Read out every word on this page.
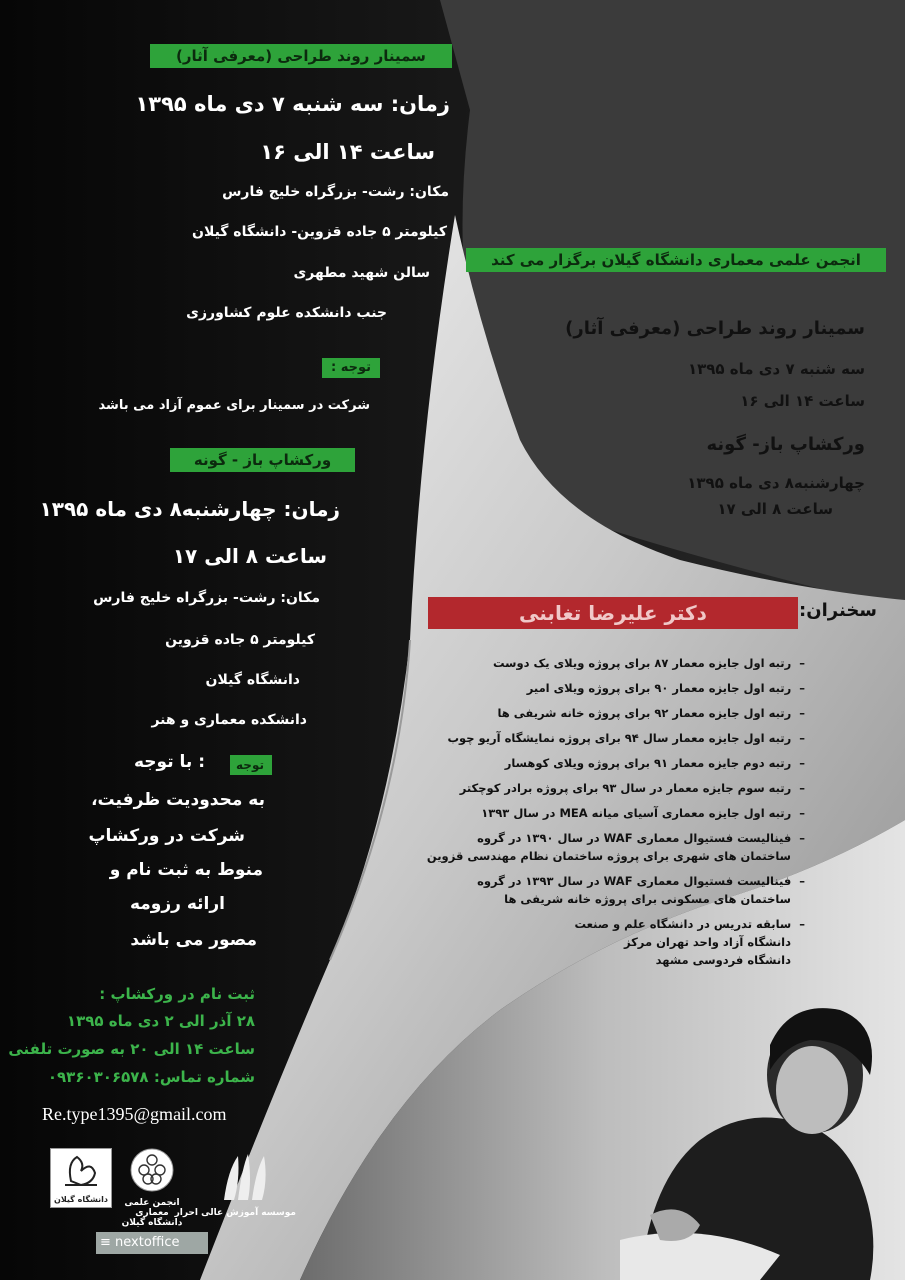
سمینار روند طراحی (معرفی آثار)
زمان: سه شنبه ۷ دی ماه ۱۳۹۵
ساعت ۱۴ الی ۱۶
مکان: رشت- بزرگراه خلیج فارس
کیلومتر ۵ جاده قزوین- دانشگاه گیلان
سالن شهید مطهری
جنب دانشکده علوم کشاورزی
توجه :
شرکت در سمینار برای عموم آزاد می باشد
ورکشاپ باز - گونه
زمان: چهارشنبه۸ دی ماه ۱۳۹۵
ساعت ۸ الی ۱۷
مکان: رشت- بزرگراه خلیج فارس
کیلومتر ۵ جاده قزوین
دانشگاه گیلان
دانشکده معماری و هنر
توجه
: با توجه
به محدودیت ظرفیت،
شرکت در ورکشاپ
منوط به ثبت نام و
ارائه رزومه
مصور می باشد
ثبت نام در ورکشاپ :
۲۸ آذر الی ۲ دی ماه ۱۳۹۵
ساعت ۱۴ الی ۲۰ به صورت تلفنی
شماره تماس: ۰۹۳۶۰۳۰۶۵۷۸
Re.type1395@gmail.com
دانشگاه گیلان	انجمن علمی
معماری
دانشگاه گیلان
موسسه آموزش عالی احرار
≡ nextoffice
انجمن علمی معماری دانشگاه گیلان برگزار می کند
سمینار روند طراحی (معرفی آثار)
سه شنبه ۷ دی ماه ۱۳۹۵
ساعت ۱۴ الی ۱۶
ورکشاپ باز- گونه
چهارشنبه۸ دی ماه ۱۳۹۵
ساعت ۸ الی ۱۷
سخنران:
دکتر علیرضا تغابنی
–رتبه اول جایزه معمار ۸۷ برای پروژه ویلای یک دوست
–رتبه اول جایزه معمار ۹۰ برای پروژه ویلای امیر
–رتبه اول جایزه معمار ۹۲ برای پروژه خانه شریفی ها
–رتبه اول جایزه معمار سال ۹۴ برای پروژه نمایشگاه آریو چوب
–رتبه دوم جایزه معمار ۹۱ برای پروژه ویلای کوهسار
–رتبه سوم جایزه معمار در سال ۹۳ برای پروژه برادر کوچکتر
–رتبه اول جایزه معماری آسیای میانه MEA در سال ۱۳۹۳
–فینالیست فستیوال معماری WAF در سال ۱۳۹۰ در گروه
ساختمان های شهری برای پروژه ساختمان نظام مهندسی قزوین
–فینالیست فستیوال معماری WAF در سال ۱۳۹۳ در گروه
ساختمان های مسکونی برای پروژه خانه شریفی ها
–سابقه تدریس در دانشگاه علم و صنعت
دانشگاه آزاد واحد تهران مرکز
دانشگاه فردوسی مشهد
